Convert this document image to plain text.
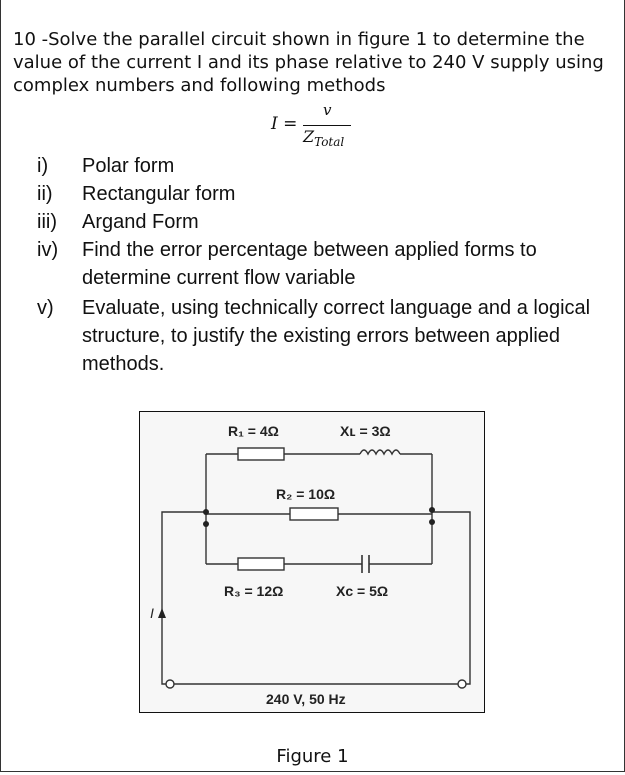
10 -Solve the parallel circuit shown in figure 1 to determine the value of the current I and its phase relative to 240 V supply using complex numbers and following methods
I =
v
$Z_{Total}$
i)	Polar form
ii)	Rectangular form
iii)	Argand Form
iv)	Find the error percentage between applied forms to determine current flow variable
v)	Evaluate, using technically correct language and a logical structure, to justify the existing errors between applied methods.
R₁ = 4Ω	Xʟ = 3Ω
R₂ = 10Ω
R₃ = 12Ω	Xᴄ = 5Ω
I
240 V, 50 Hz
Figure 1
